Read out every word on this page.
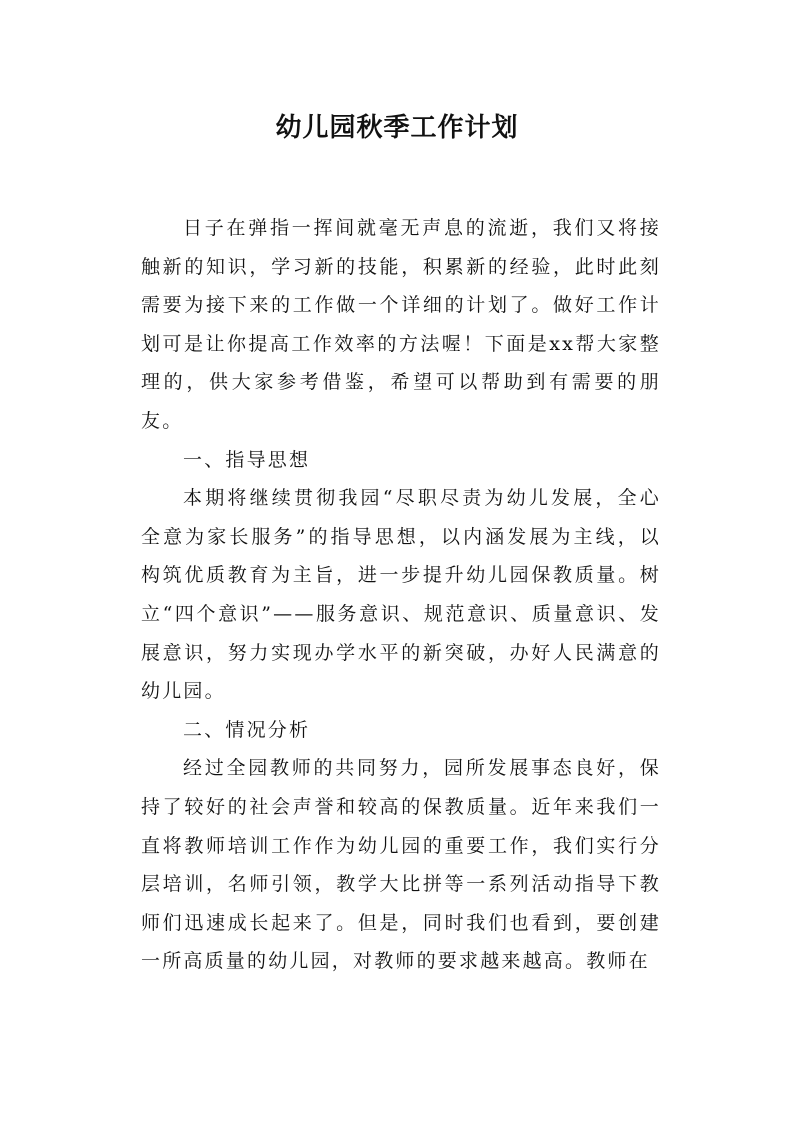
幼儿园秋季工作计划

日子在弹指一挥间就毫无声息的流逝，我们又将接触新的知识，学习新的技能，积累新的经验，此时此刻需要为接下来的工作做一个详细的计划了。做好工作计划可是让你提高工作效率的方法喔！下面是xx帮大家整理的，供大家参考借鉴，希望可以帮助到有需要的朋友。

一、指导思想

本期将继续贯彻我园“尽职尽责为幼儿发展，全心全意为家长服务”的指导思想，以内涵发展为主线，以构筑优质教育为主旨，进一步提升幼儿园保教质量。树立“四个意识”——服务意识、规范意识、质量意识、发展意识，努力实现办学水平的新突破，办好人民满意的幼儿园。

二、情况分析

经过全园教师的共同努力，园所发展事态良好，保持了较好的社会声誉和较高的保教质量。近年来我们一直将教师培训工作作为幼儿园的重要工作，我们实行分层培训，名师引领，教学大比拼等一系列活动指导下教师们迅速成长起来了。但是，同时我们也看到，要创建一所高质量的幼儿园，对教师的要求越来越高。教师在
